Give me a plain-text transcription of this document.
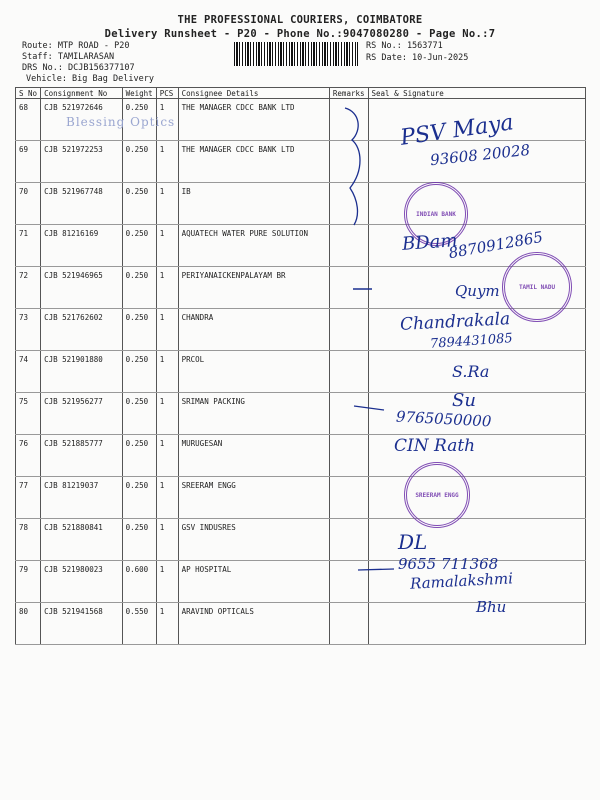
THE PROFESSIONAL COURIERS, COIMBATORE
Delivery Runsheet - P20 - Phone No.:9047080280 - Page No.:7
Route: MTP ROAD - P20
Staff: TAMILARASAN
DRS No.: DCJB156377107
Vehicle: Big Bag Delivery
RS No.: 1563771
RS Date: 10-Jun-2025
S No	Consignment No	Weight	PCS	Consignee Details	Remarks	Seal & Signature
68	CJB 521972646	0.250	1	THE MANAGER CDCC BANK LTD		
69	CJB 521972253	0.250	1	THE MANAGER CDCC BANK LTD		
70	CJB 521967748	0.250	1	IB		
71	CJB 81216169	0.250	1	AQUATECH WATER PURE SOLUTION		
72	CJB 521946965	0.250	1	PERIYANAICKENPALAYAM BR		
73	CJB 521762602	0.250	1	CHANDRA		
74	CJB 521901880	0.250	1	PRCOL		
75	CJB 521956277	0.250	1	SRIMAN PACKING		
76	CJB 521885777	0.250	1	MURUGESAN		
77	CJB 81219037	0.250	1	SREERAM ENGG		
78	CJB 521880841	0.250	1	GSV INDUSRES		
79	CJB 521980023	0.600	1	AP HOSPITAL		
80	CJB 521941568	0.550	1	ARAVIND OPTICALS		
Blessing Optics	PSV Maya
93608 20028
INDIAN BANK
BDam
8870912865
TAMIL NADU
Quym
Chandrakala
7894431085
S.Ra
Su
9765050000
CIN Rath
SREERAM ENGG
DL
9655 711368
Ramalakshmi
Bhu
